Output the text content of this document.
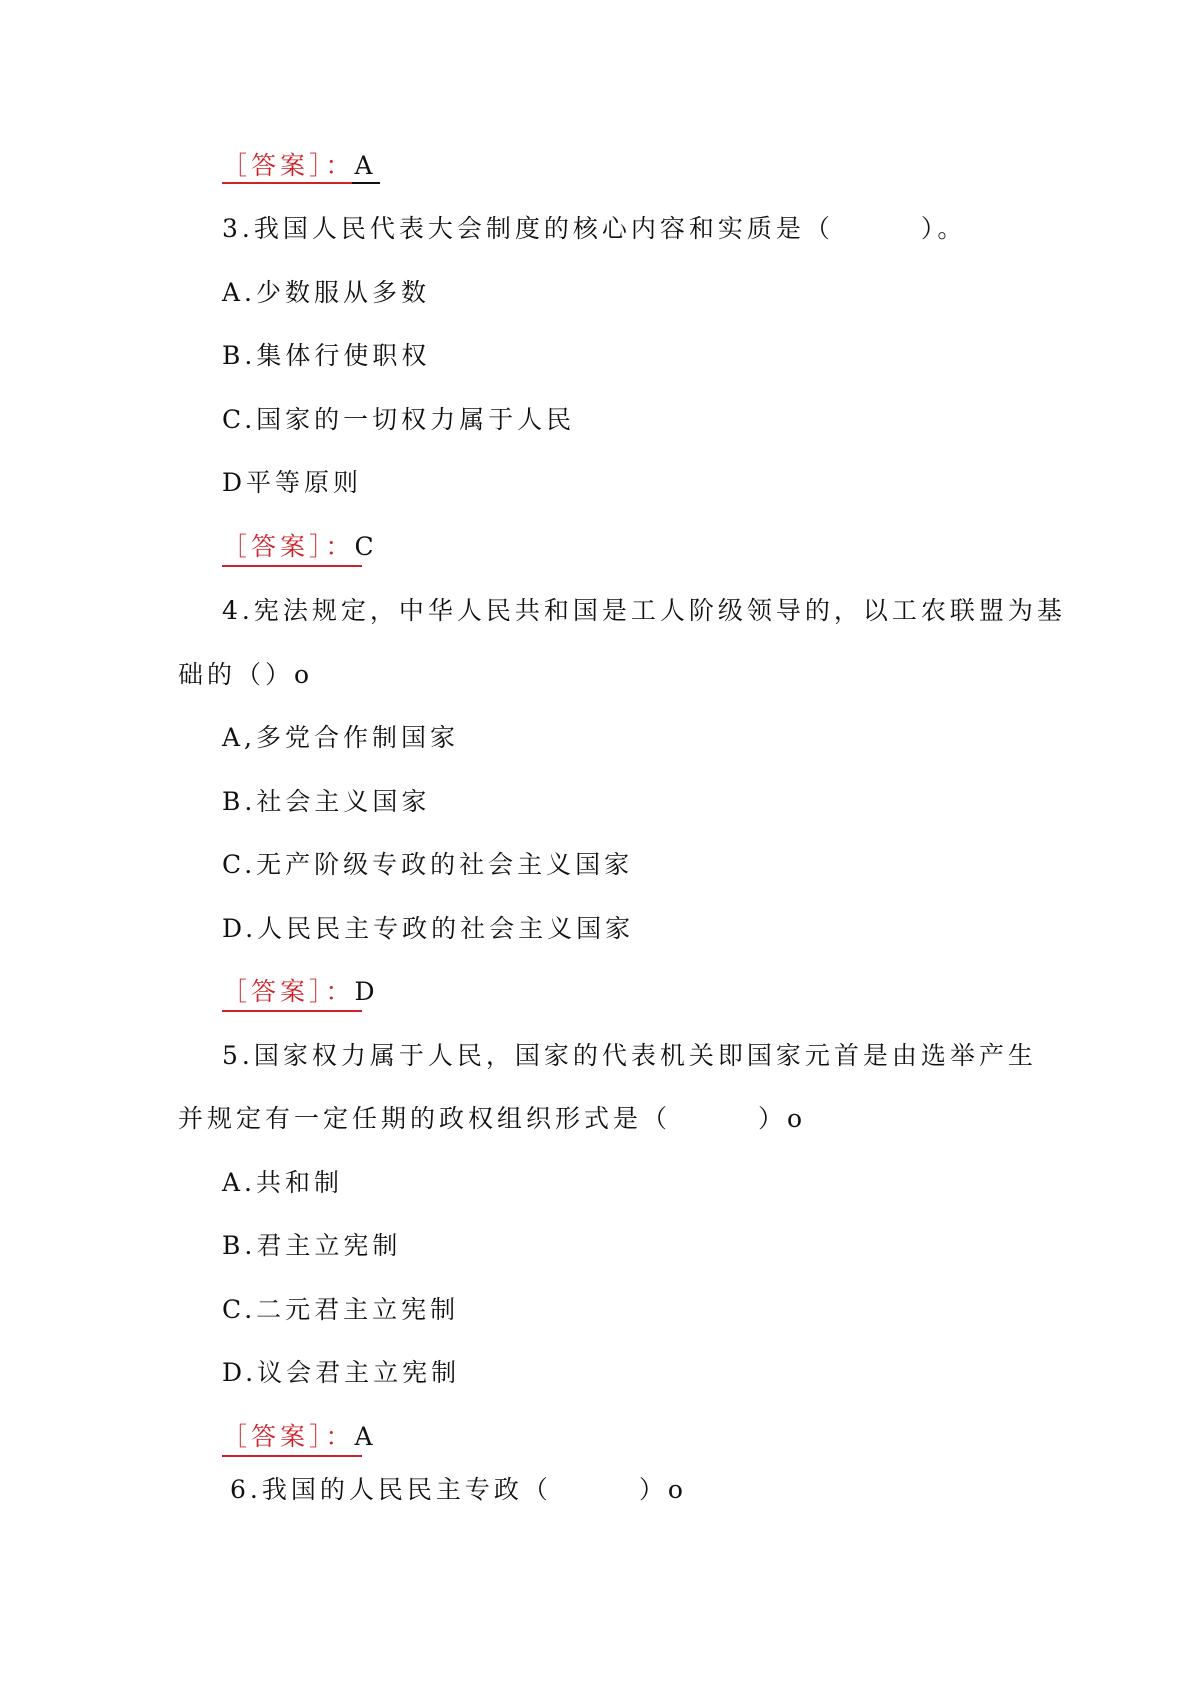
［答案］：A
3.我国人民代表大会制度的核心内容和实质是（　　　）。
A.少数服从多数
B.集体行使职权
C.国家的一切权力属于人民
D平等原则
［答案］：C
4.宪法规定，中华人民共和国是工人阶级领导的，以工农联盟为基
础的（）o
A,多党合作制国家
B.社会主义国家
C.无产阶级专政的社会主义国家
D.人民民主专政的社会主义国家
［答案］：D
5.国家权力属于人民，国家的代表机关即国家元首是由选举产生
并规定有一定任期的政权组织形式是（　　　）o
A.共和制
B.君主立宪制
C.二元君主立宪制
D.议会君主立宪制
［答案］：A
6.我国的人民民主专政（　　　）o
